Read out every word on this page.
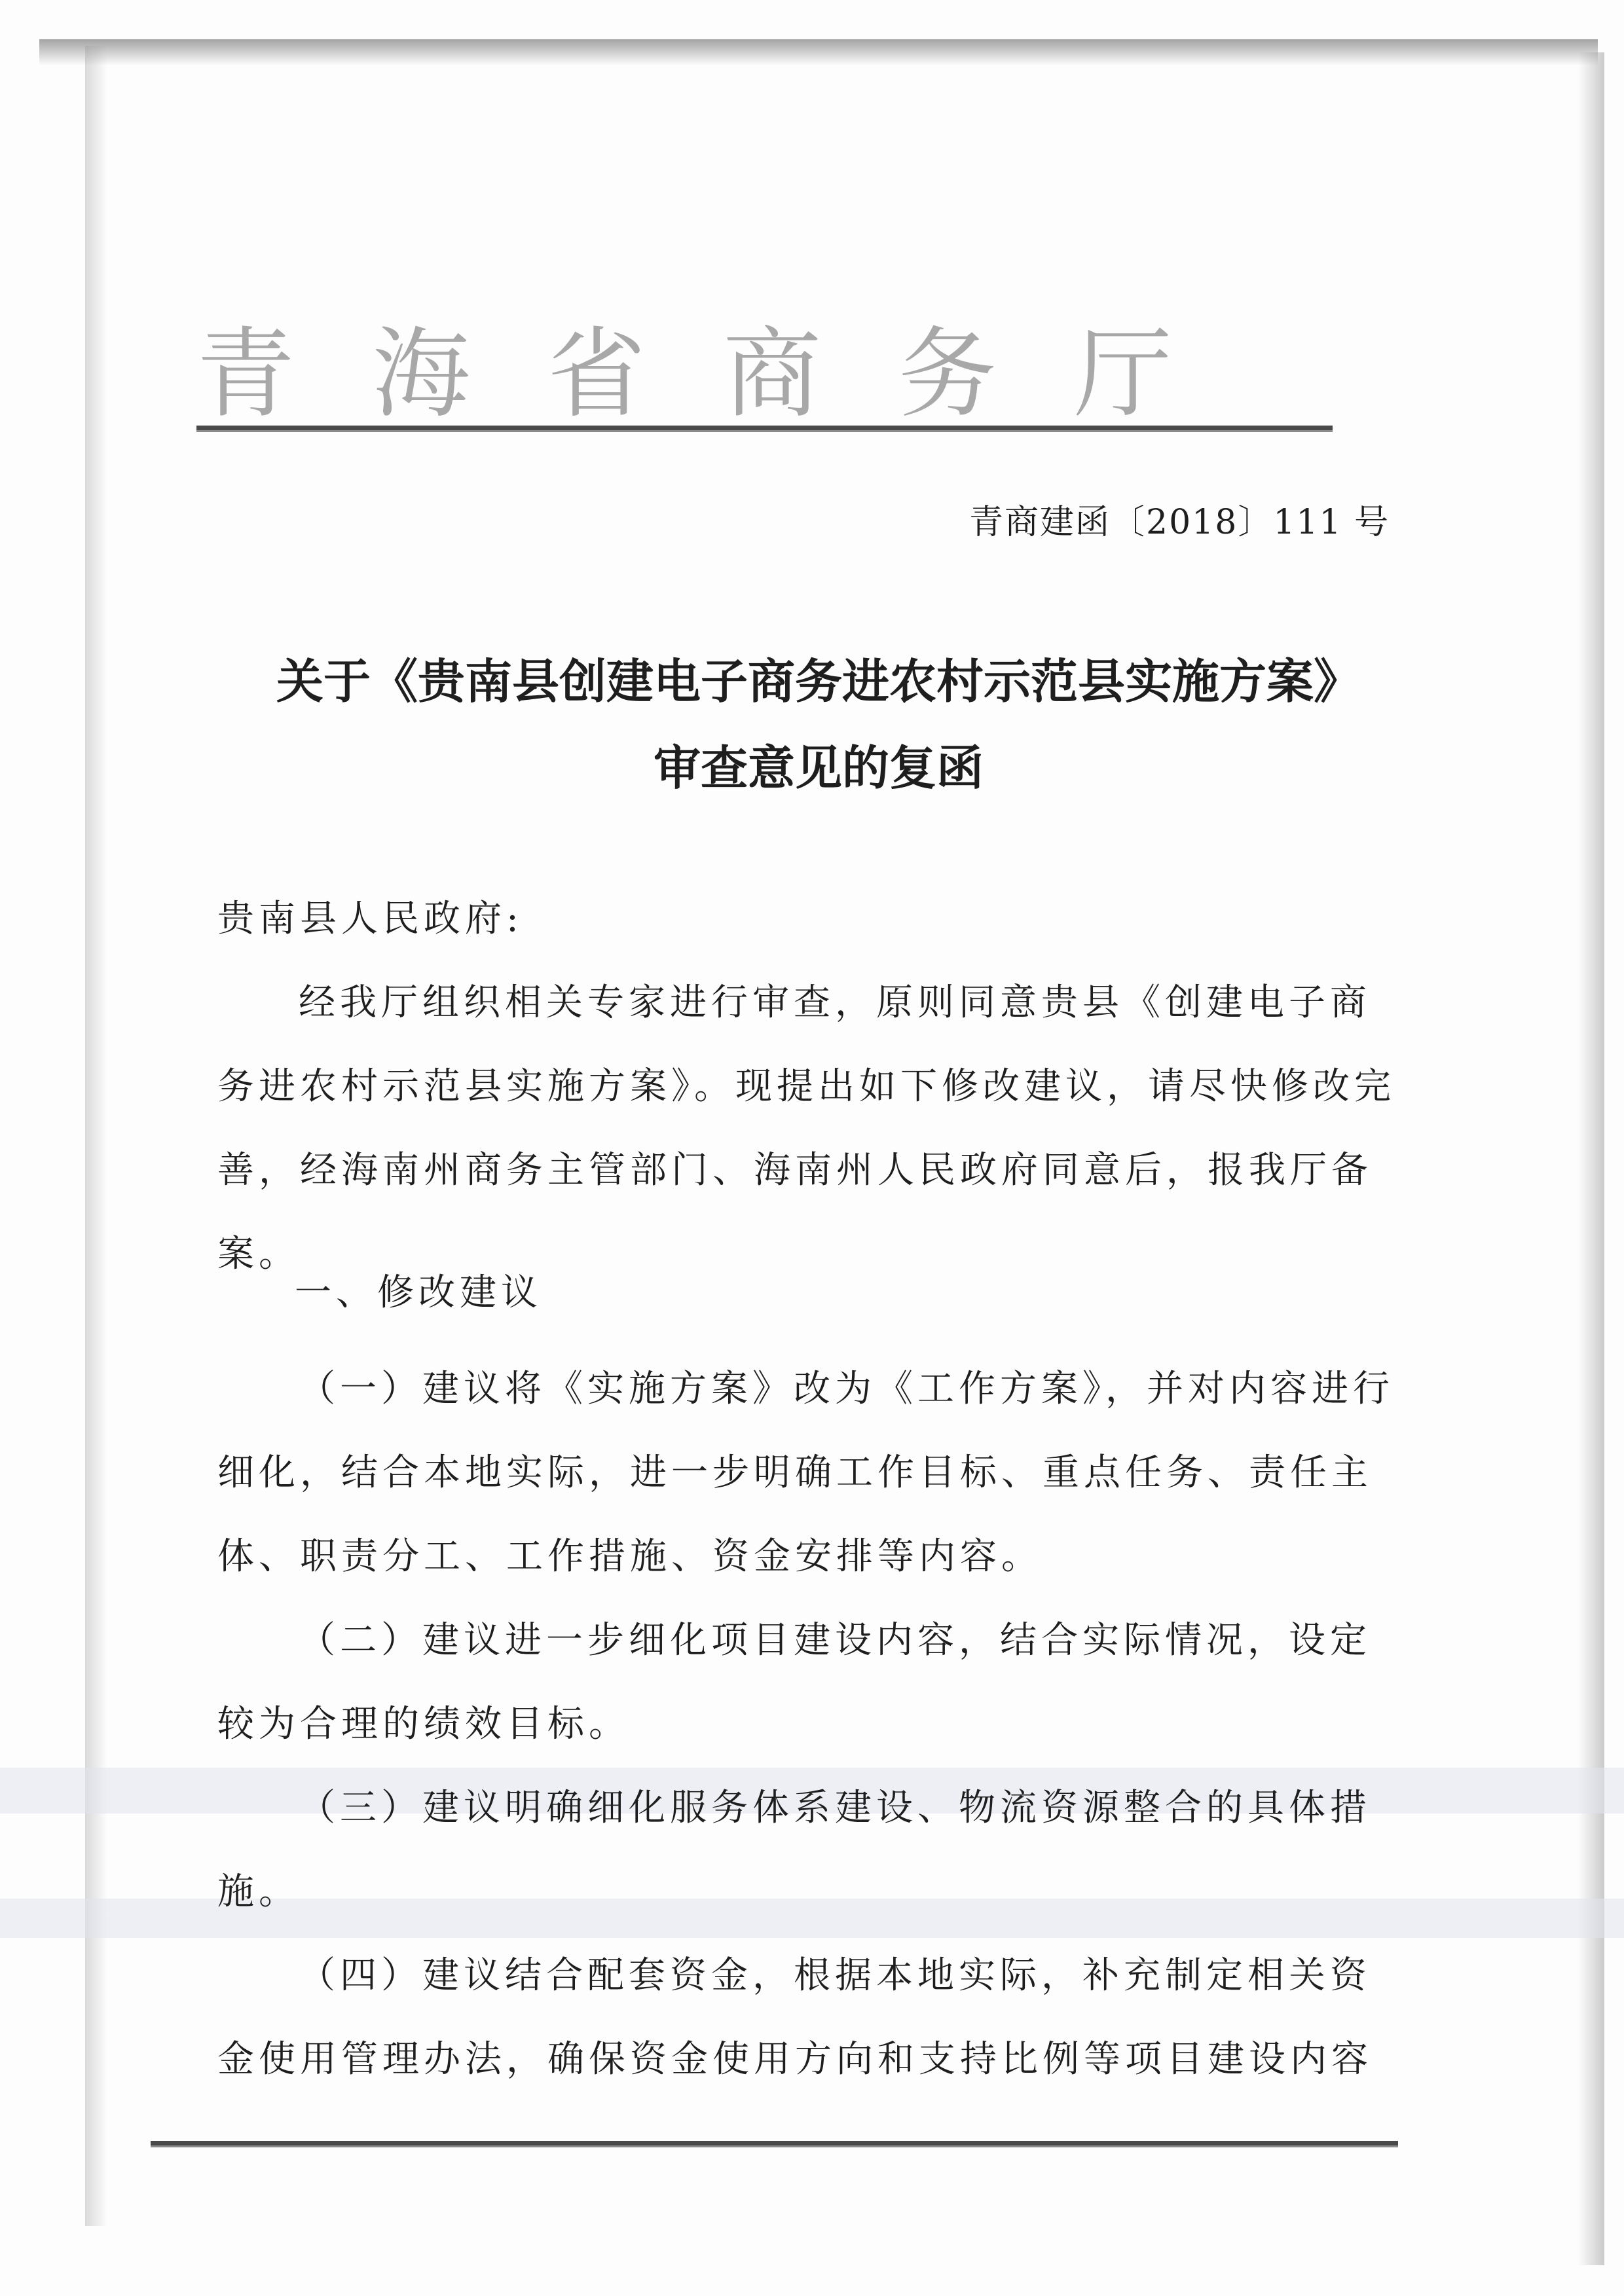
青海省商务厅
青商建函〔2018〕111 号
关于《贵南县创建电子商务进农村示范县实施方案》
审查意见的复函
贵南县人民政府:

经我厅组织相关专家进行审查，原则同意贵县《创建电子商务进农村示范县实施方案》。现提出如下修改建议，请尽快修改完善，经海南州商务主管部门、海南州人民政府同意后，报我厅备案。

一、修改建议

（一）建议将《实施方案》改为《工作方案》，并对内容进行细化，结合本地实际，进一步明确工作目标、重点任务、责任主体、职责分工、工作措施、资金安排等内容。

（二）建议进一步细化项目建设内容，结合实际情况，设定较为合理的绩效目标。

（三）建议明确细化服务体系建设、物流资源整合的具体措施。

（四）建议结合配套资金，根据本地实际，补充制定相关资金使用管理办法，确保资金使用方向和支持比例等项目建设内容
